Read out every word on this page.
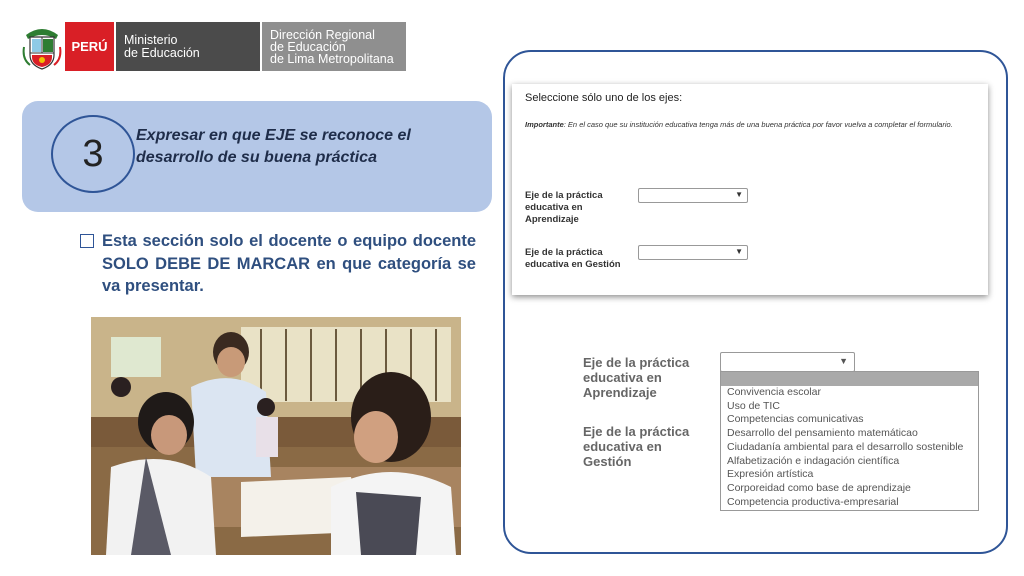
PERÚ	Ministerio
de Educación
Dirección Regional
de Educación
de Lima Metropolitana
3	Expresar en que EJE se reconoce el desarrollo de su buena práctica
Esta sección solo el docente o equipo docente SOLO DEBE DE MARCAR en que categoría se va presentar.
Seleccione sólo uno de los ejes:
Importante: En el caso que su institución educativa tenga más de una buena práctica por favor vuelva a completar el formulario.
Eje de la práctica educativa en Aprendizaje
▼
Eje de la práctica educativa en Gestión
▼
Eje de la práctica educativa en Aprendizaje
Eje de la práctica educativa en Gestión
▼
Convivencia escolar
Uso de TIC
Competencias comunicativas
Desarrollo del pensamiento matemáticao
Ciudadanía ambiental para el desarrollo sostenible
Alfabetización e indagación científica
Expresión artística
Corporeidad como base de aprendizaje
Competencia productiva-empresarial
